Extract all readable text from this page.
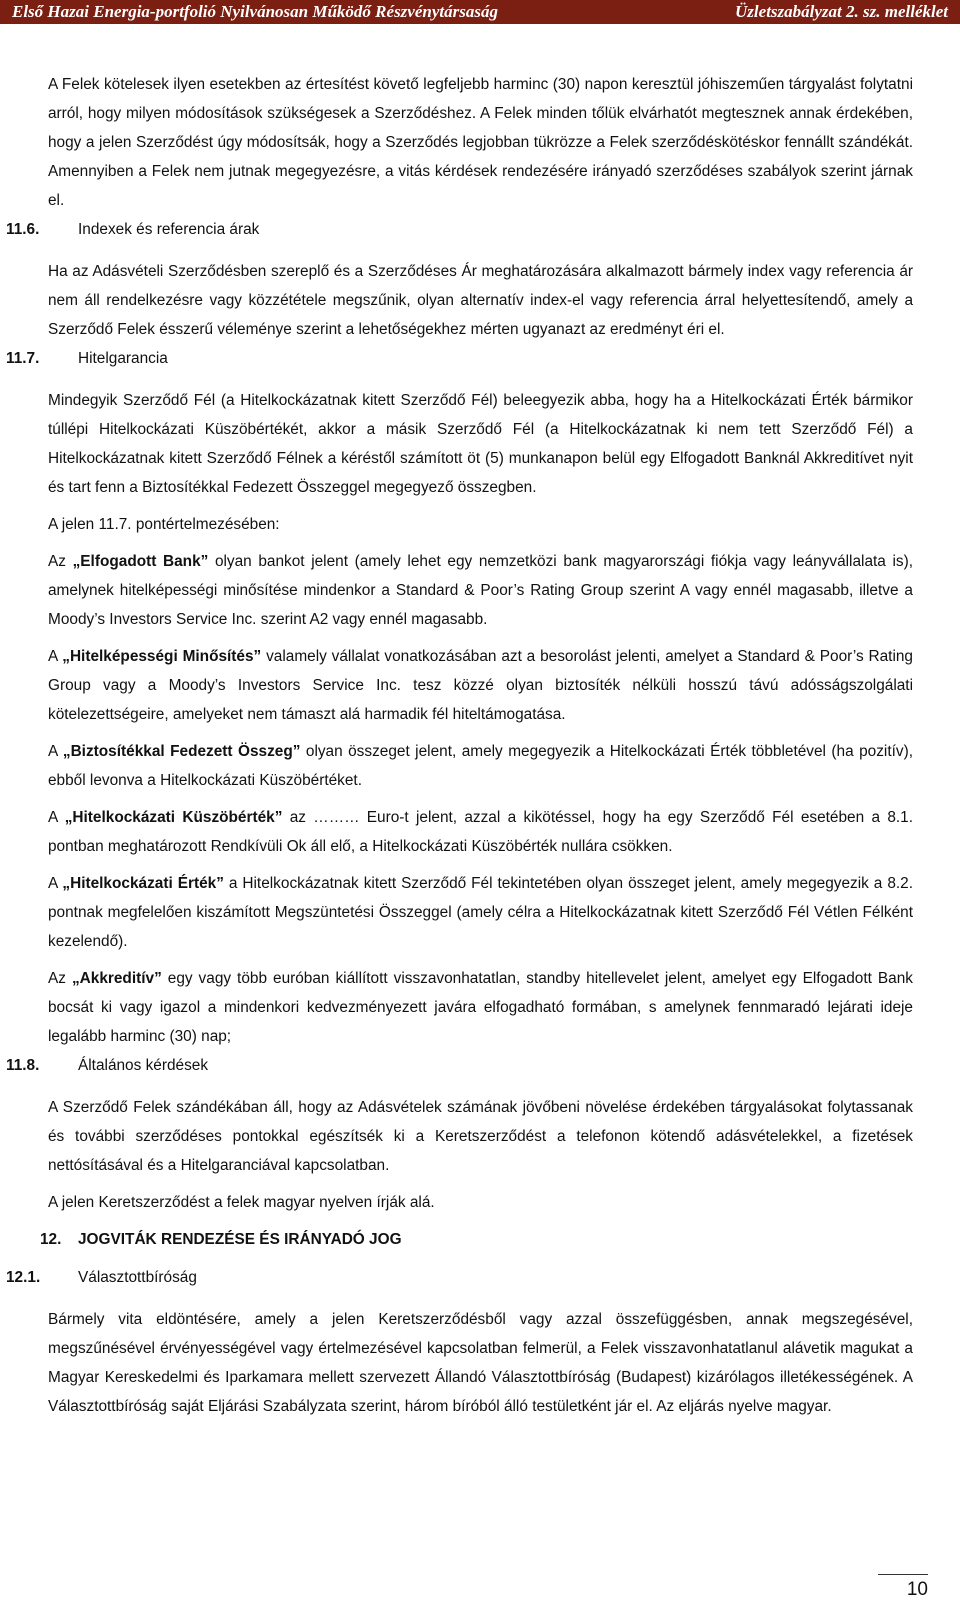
Első Hazai Energia-portfolió Nyilvánosan Működő Részvénytársaság	Üzletszabályzat 2. sz. melléklet

A Felek kötelesek ilyen esetekben az értesítést követő legfeljebb harminc (30) napon keresztül jóhiszeműen tárgyalást folytatni arról, hogy milyen módosítások szükségesek a Szerződéshez. A Felek minden tőlük elvárhatót megtesznek annak érdekében, hogy a jelen Szerződést úgy módosítsák, hogy a Szerződés legjobban tükrözze a Felek szerződéskötéskor fennállt szándékát. Amennyiben a Felek nem jutnak megegyezésre, a vitás kérdések rendezésére irányadó szerződéses szabályok szerint járnak el.

11.6.	Indexek és referencia árak

Ha az Adásvételi Szerződésben szereplő és a Szerződéses Ár meghatározására alkalmazott bármely index vagy referencia ár nem áll rendelkezésre vagy közzététele megszűnik, olyan alternatív index-el vagy referencia árral helyettesítendő, amely a Szerződő Felek ésszerű véleménye szerint a lehetőségekhez mérten ugyanazt az eredményt éri el.

11.7.	Hitelgarancia

Mindegyik Szerződő Fél (a Hitelkockázatnak kitett Szerződő Fél) beleegyezik abba, hogy ha a Hitelkockázati Érték bármikor túllépi Hitelkockázati Küszöbértékét, akkor a másik Szerződő Fél (a Hitelkockázatnak ki nem tett Szerződő Fél) a Hitelkockázatnak kitett Szerződő Félnek a kéréstől számított öt (5) munkanapon belül egy Elfogadott Banknál Akkreditívet nyit és tart fenn a Biztosítékkal Fedezett Összeggel megegyező összegben.

A jelen 11.7. pontértelmezésében:

Az „Elfogadott Bank” olyan bankot jelent (amely lehet egy nemzetközi bank magyarországi fiókja vagy leányvállalata is), amelynek hitelképességi minősítése mindenkor a Standard & Poor’s Rating Group szerint A vagy ennél magasabb, illetve a Moody’s Investors Service Inc. szerint A2 vagy ennél magasabb.

A „Hitelképességi Minősítés” valamely vállalat vonatkozásában azt a besorolást jelenti, amelyet a Standard & Poor’s Rating Group vagy a Moody’s Investors Service Inc. tesz közzé olyan biztosíték nélküli hosszú távú adósságszolgálati kötelezettségeire, amelyeket nem támaszt alá harmadik fél hiteltámogatása.

A „Biztosítékkal Fedezett Összeg” olyan összeget jelent, amely megegyezik a Hitelkockázati Érték többletével (ha pozitív), ebből levonva a Hitelkockázati Küszöbértéket.

A „Hitelkockázati Küszöbérték” az ……… Euro-t jelent, azzal a kikötéssel, hogy ha egy Szerződő Fél esetében a 8.1. pontban meghatározott Rendkívüli Ok áll elő, a Hitelkockázati Küszöbérték nullára csökken.

A „Hitelkockázati Érték” a Hitelkockázatnak kitett Szerződő Fél tekintetében olyan összeget jelent, amely megegyezik a 8.2. pontnak megfelelően kiszámított Megszüntetési Összeggel (amely célra a Hitelkockázatnak kitett Szerződő Fél Vétlen Félként kezelendő).

Az „Akkreditív” egy vagy több euróban kiállított visszavonhatatlan, standby hitellevelet jelent, amelyet egy Elfogadott Bank bocsát ki vagy igazol a mindenkori kedvezményezett javára elfogadható formában, s amelynek fennmaradó lejárati ideje legalább harminc (30) nap;

11.8.	Általános kérdések

A Szerződő Felek szándékában áll, hogy az Adásvételek számának jövőbeni növelése érdekében tárgyalásokat folytassanak és további szerződéses pontokkal egészítsék ki a Keretszerződést a telefonon kötendő adásvételekkel, a fizetések nettósításával és a Hitelgaranciával kapcsolatban.

A jelen Keretszerződést a felek magyar nyelven írják alá.

12. JOGVITÁK RENDEZÉSE ÉS IRÁNYADÓ JOG
12.1. Választottbíróság

Bármely vita eldöntésére, amely a jelen Keretszerződésből vagy azzal összefüggésben, annak megszegésével, megszűnésével érvényességével vagy értelmezésével kapcsolatban felmerül, a Felek visszavonhatatlanul alávetik magukat a Magyar Kereskedelmi és Iparkamara mellett szervezett Állandó Választottbíróság (Budapest) kizárólagos illetékességének. A Választottbíróság saját Eljárási Szabályzata szerint, három bíróból álló testületként jár el. Az eljárás nyelve magyar.

10
